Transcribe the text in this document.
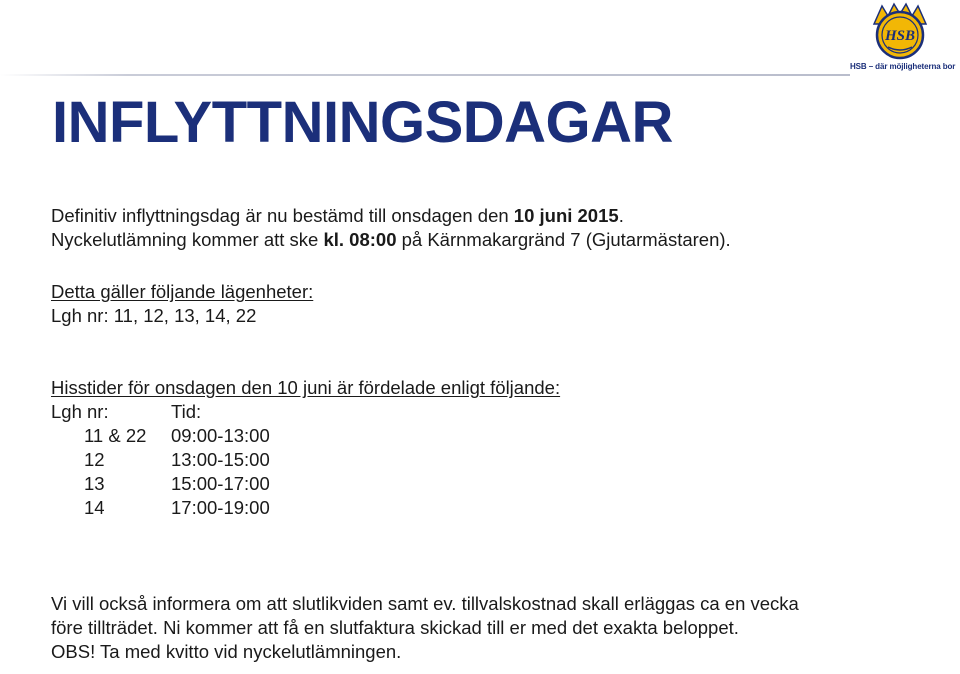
HSB
HSB – där möjligheterna bor
INFLYTTNINGSDAGAR

Definitiv inflyttningsdag är nu bestämd till onsdagen den 10 juni 2015.

Nyckelutlämning kommer att ske kl. 08:00 på Kärnmakargränd 7 (Gjutarmästaren).

Detta gäller följande lägenheter:

Lgh nr: 11, 12, 13, 14, 22

Hisstider för onsdagen den 10 juni är fördelade enligt följande:

Lgh nr:	Tid:
11 & 22	09:00-13:00
12	13:00-15:00
13	15:00-17:00
14	17:00-19:00

Vi vill också informera om att slutlikviden samt ev. tillvalskostnad skall erläggas ca en vecka

före tillträdet. Ni kommer att få en slutfaktura skickad till er med det exakta beloppet.

OBS! Ta med kvitto vid nyckelutlämningen.
